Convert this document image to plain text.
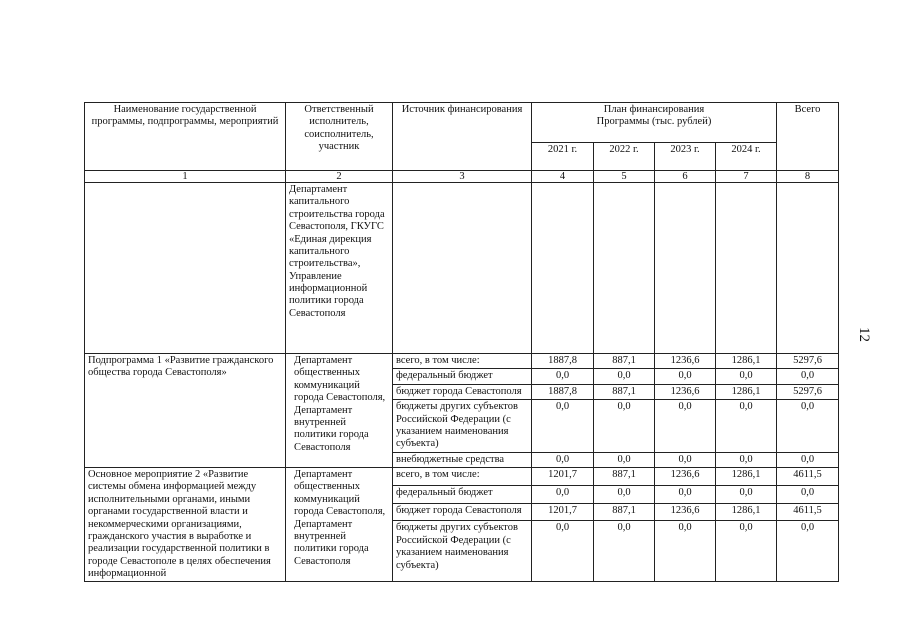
12
Наименование государственной программы, подпрограммы, мероприятий	Ответственный исполнитель, соисполнитель, участник	Источник финансирования	План финансирования Программы (тыс. рублей)				Всего
			2021 г.	2022 г.	2023 г.	2024 г.	
1	2	3	4	5	6	7	8
	Департамент капитального строительства города Севастополя, ГКУГС «Единая дирекция капитального строительства», Управление информационной политики города Севастополя						
Подпрограмма 1 «Развитие гражданского общества города Севастополя»	Департамент общественных коммуникаций города Севастополя, Департамент внутренней политики города Севастополя	всего, в том числе:	1887,8	887,1	1236,6	1286,1	5297,6
		федеральный бюджет	0,0	0,0	0,0	0,0	0,0
		бюджет города Севастополя	1887,8	887,1	1236,6	1286,1	5297,6
		бюджеты других субъектов Российской Федерации (с указанием наименования субъекта)	0,0	0,0	0,0	0,0	0,0
		внебюджетные средства	0,0	0,0	0,0	0,0	0,0
Основное мероприятие 2 «Развитие системы обмена информацией между исполнительными органами, иными органами государственной власти и некоммерческими организациями, гражданского участия в выработке и реализации государственной политики в городе Севастополе в целях обеспечения информационной	Департамент общественных коммуникаций города Севастополя, Департамент внутренней политики города Севастополя	всего, в том числе:	1201,7	887,1	1236,6	1286,1	4611,5
		федеральный бюджет	0,0	0,0	0,0	0,0	0,0
		бюджет города Севастополя	1201,7	887,1	1236,6	1286,1	4611,5
		бюджеты других субъектов Российской Федерации (с указанием наименования субъекта)	0,0	0,0	0,0	0,0	0,0
